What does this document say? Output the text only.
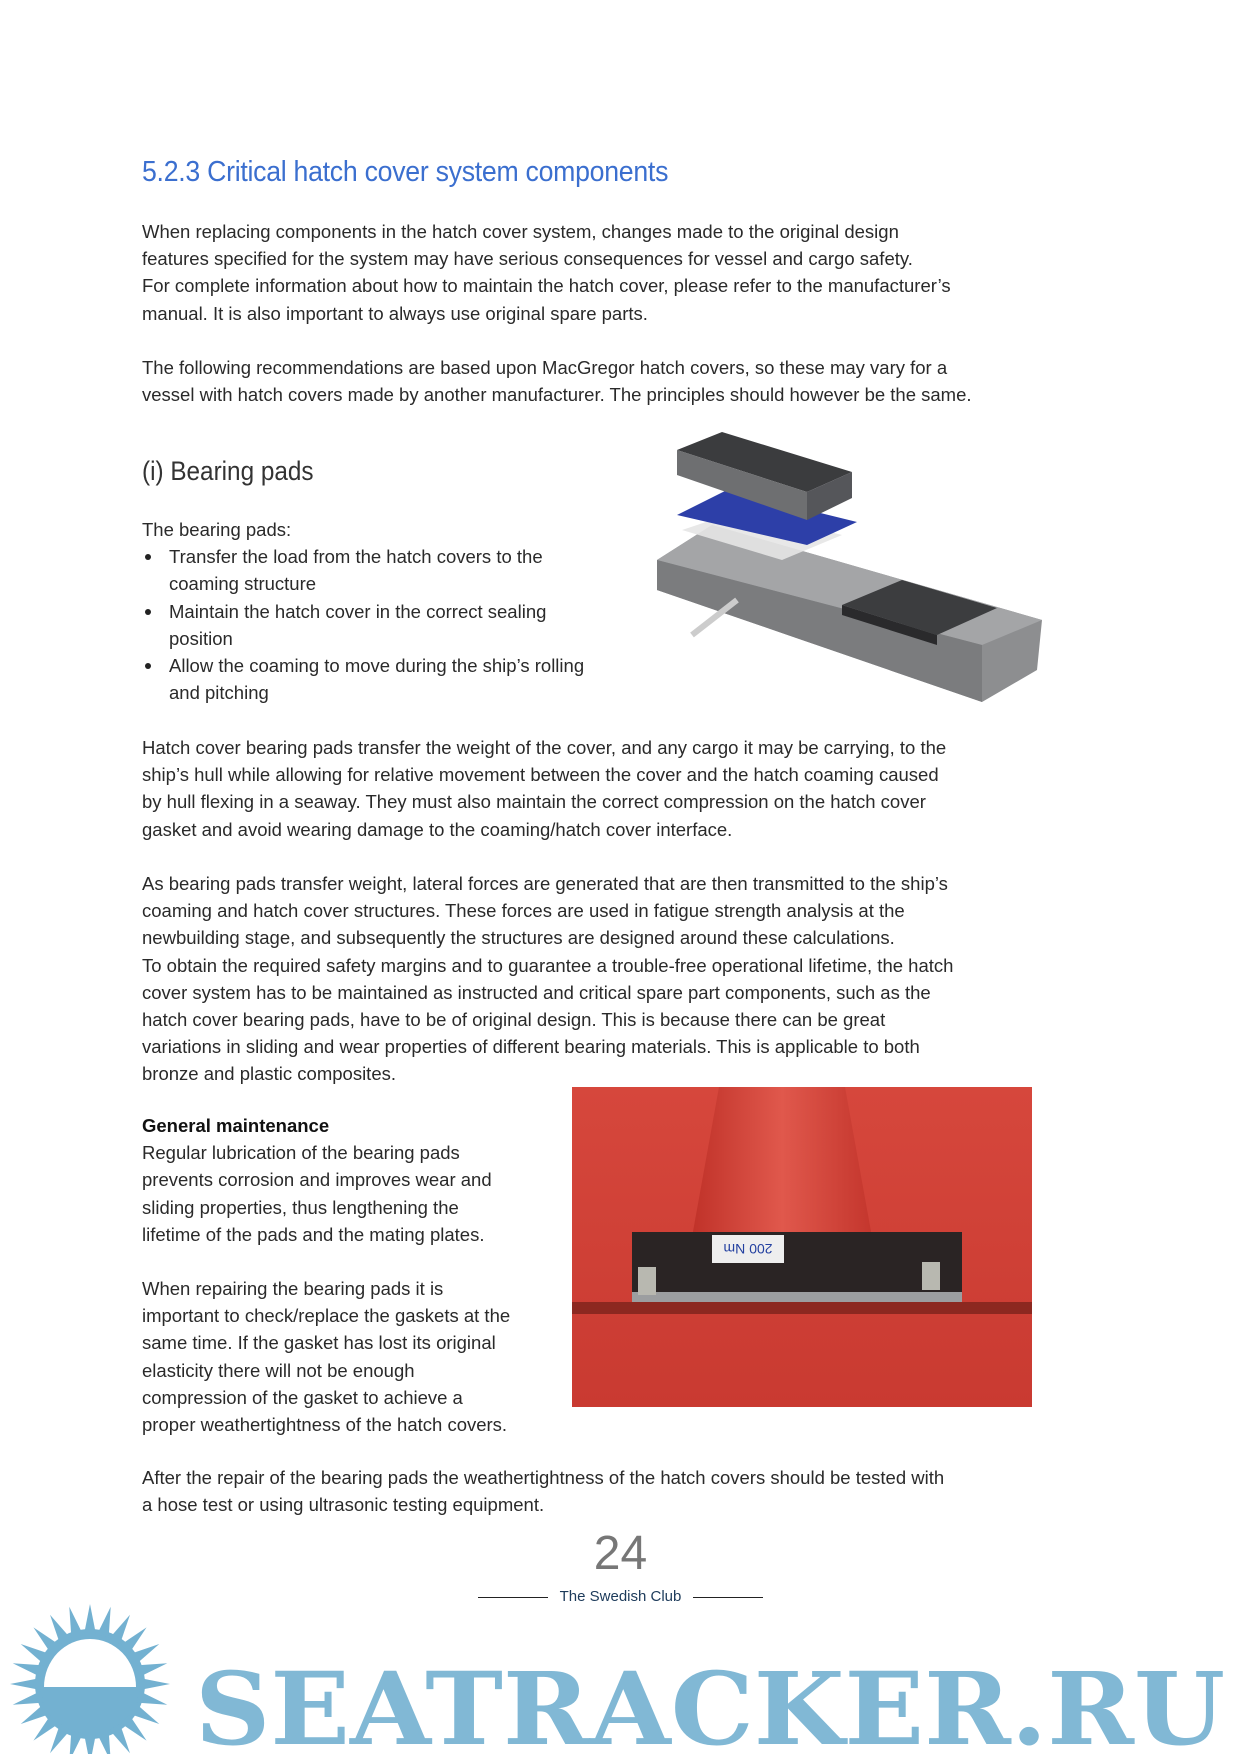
5.2.3 Critical hatch cover system components
When replacing components in the hatch cover system, changes made to the original design
features specified for the system may have serious consequences for vessel and cargo safety.
For complete information about how to maintain the hatch cover, please refer to the manufacturer’s
manual. It is also important to always use original spare parts.
The following recommendations are based upon MacGregor hatch covers, so these may vary for a
vessel with hatch covers made by another manufacturer. The principles should however be the same.
(i) Bearing pads
The bearing pads:
Transfer the load from the hatch covers to the
coaming structure
Maintain the hatch cover in the correct sealing
position
Allow the coaming to move during the ship’s rolling
and pitching
Hatch cover bearing pads transfer the weight of the cover, and any cargo it may be carrying, to the
ship’s hull while allowing for relative movement between the cover and the hatch coaming caused
by hull flexing in a seaway. They must also maintain the correct compression on the hatch cover
gasket and avoid wearing damage to the coaming/hatch cover interface.
As bearing pads transfer weight, lateral forces are generated that are then transmitted to the ship’s
coaming and hatch cover structures. These forces are used in fatigue strength analysis at the
newbuilding stage, and subsequently the structures are designed around these calculations.
To obtain the required safety margins and to guarantee a trouble-free operational lifetime, the hatch
cover system has to be maintained as instructed and critical spare part components, such as the
hatch cover bearing pads, have to be of original design. This is because there can be great
variations in sliding and wear properties of different bearing materials. This is applicable to both
bronze and plastic composites.
General maintenance
Regular lubrication of the bearing pads
prevents corrosion and improves wear and
sliding properties, thus lengthening the
lifetime of the pads and the mating plates.
When repairing the bearing pads it is
important to check/replace the gaskets at the
same time. If the gasket has lost its original
elasticity there will not be enough
compression of the gasket to achieve a
proper weathertightness of the hatch covers.
200 Nm
After the repair of the bearing pads the weathertightness of the hatch covers should be tested with
a hose test or using ultrasonic testing equipment.
24
The Swedish Club
SEATRACKER.RU
